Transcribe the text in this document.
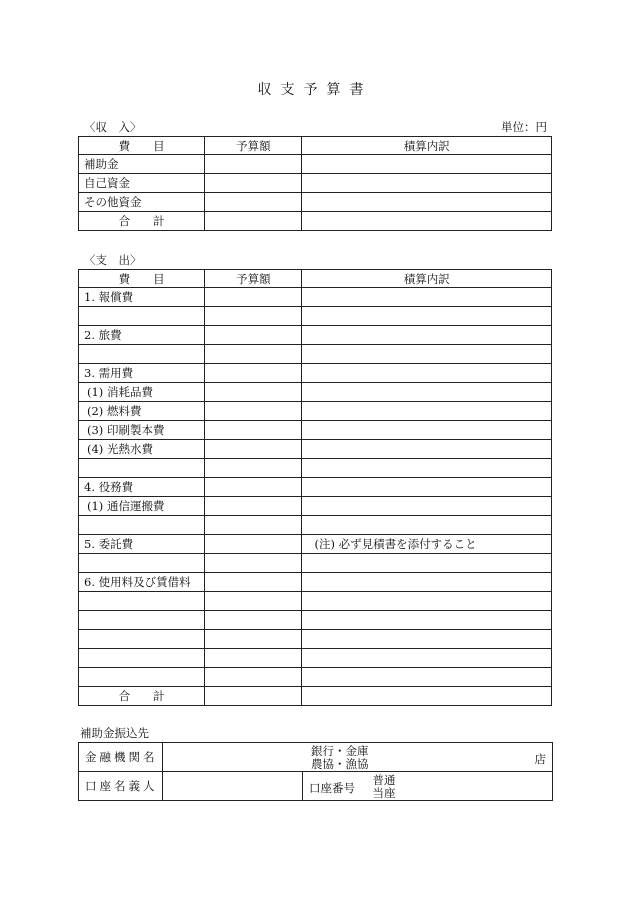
収支予算書
〈収　入〉	単位：円
費　　目	予算額	積算内訳
補助金		
自己資金		
その他資金		
合　　計		
〈支　出〉
費　　目	予算額	積算内訳
1. 報償費		

2. 旅費		

3. 需用費		
(1) 消耗品費		
(2) 燃料費		
(3) 印刷製本費		
(4) 光熱水費		

4. 役務費		
(1) 通信運搬費		

5. 委託費		(注) 必ず見積書を添付すること

6. 使用料及び賃借料		

合　　計		
補助金振込先
金融機関名	銀行・金庫
農協・漁協 店		

口座名義人		口座番号	普通
当座
